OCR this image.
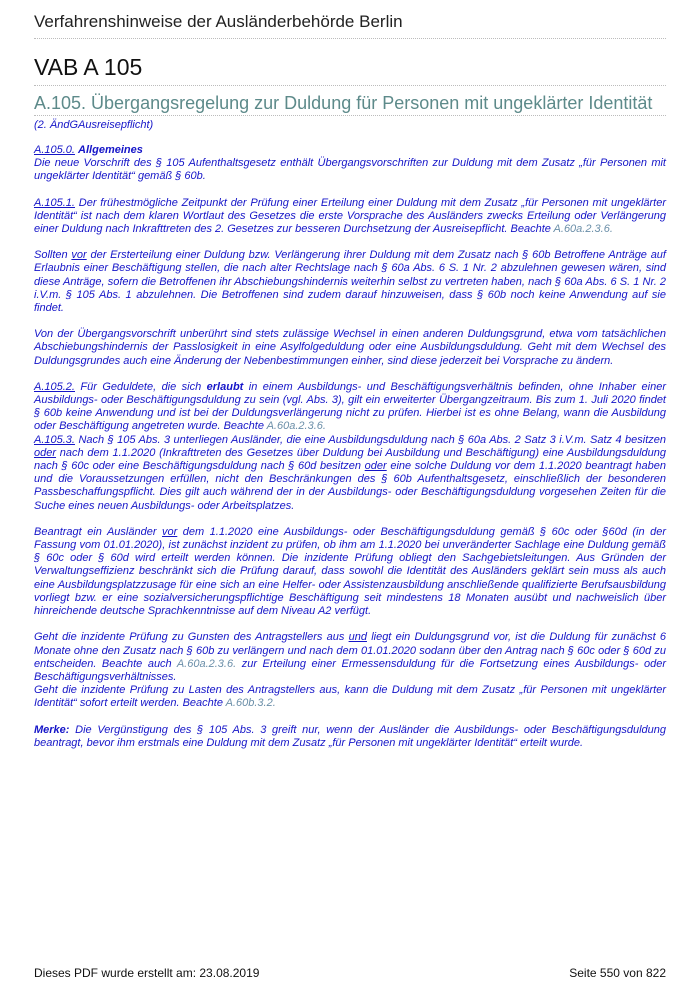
Verfahrenshinweise der Ausländerbehörde Berlin
VAB A 105
A.105. Übergangsregelung zur Duldung für Personen mit ungeklärter Identität
(2. ÄndGAusreisepflicht)

A.105.0. Allgemeines
Die neue Vorschrift des § 105 Aufenthaltsgesetz enthält Übergangsvorschriften zur Duldung mit dem Zusatz „für Personen mit ungeklärter Identität“ gemäß § 60b.

A.105.1. Der frühestmögliche Zeitpunkt der Prüfung einer Erteilung einer Duldung mit dem Zusatz „für Personen mit ungeklärter Identität“ ist nach dem klaren Wortlaut des Gesetzes die erste Vorsprache des Ausländers zwecks Erteilung oder Verlängerung einer Duldung nach Inkrafttreten des 2. Gesetzes zur besseren Durchsetzung der Ausreisepflicht. Beachte A.60a.2.3.6.

Sollten vor der Ersterteilung einer Duldung bzw. Verlängerung ihrer Duldung mit dem Zusatz nach § 60b Betroffene Anträge auf Erlaubnis einer Beschäftigung stellen, die nach alter Rechtslage nach § 60a Abs. 6 S. 1 Nr. 2 abzulehnen gewesen wären, sind diese Anträge, sofern die Betroffenen ihr Abschiebungshindernis weiterhin selbst zu vertreten haben, nach § 60a Abs. 6 S. 1 Nr. 2 i.V.m. § 105 Abs. 1 abzulehnen. Die Betroffenen sind zudem darauf hinzuweisen, dass § 60b noch keine Anwendung auf sie findet.

Von der Übergangsvorschrift unberührt sind stets zulässige Wechsel in einen anderen Duldungsgrund, etwa vom tatsächlichen Abschiebungshindernis der Passlosigkeit in eine Asylfolgeduldung oder eine Ausbildungsduldung. Geht mit dem Wechsel des Duldungsgrundes auch eine Änderung der Nebenbestimmungen einher, sind diese jederzeit bei Vorsprache zu ändern.

A.105.2. Für Geduldete, die sich erlaubt in einem Ausbildungs- und Beschäftigungsverhältnis befinden, ohne Inhaber einer Ausbildungs- oder Beschäftigungsduldung zu sein (vgl. Abs. 3), gilt ein erweiterter Übergangzeitraum. Bis zum 1. Juli 2020 findet § 60b keine Anwendung und ist bei der Duldungsverlängerung nicht zu prüfen. Hierbei ist es ohne Belang, wann die Ausbildung oder Beschäftigung angetreten wurde. Beachte A.60a.2.3.6.

A.105.3. Nach § 105 Abs. 3 unterliegen Ausländer, die eine Ausbildungsduldung nach § 60a Abs. 2 Satz 3 i.V.m. Satz 4 besitzen oder nach dem 1.1.2020 (Inkrafttreten des Gesetzes über Duldung bei Ausbildung und Beschäftigung) eine Ausbildungsduldung nach § 60c oder eine Beschäftigungsduldung nach § 60d besitzen oder eine solche Duldung vor dem 1.1.2020 beantragt haben und die Voraussetzungen erfüllen, nicht den Beschränkungen des § 60b Aufenthaltsgesetz, einschließlich der besonderen Passbeschaffungspflicht. Dies gilt auch während der in der Ausbildungs- oder Beschäftigungsduldung vorgesehen Zeiten für die Suche eines neuen Ausbildungs- oder Arbeitsplatzes.

Beantragt ein Ausländer vor dem 1.1.2020 eine Ausbildungs- oder Beschäftigungsduldung gemäß § 60c oder §60d (in der Fassung vom 01.01.2020), ist zunächst inzident zu prüfen, ob ihm am 1.1.2020 bei unveränderter Sachlage eine Duldung gemäß § 60c oder § 60d wird erteilt werden können. Die inzidente Prüfung obliegt den Sachgebietsleitungen. Aus Gründen der Verwaltungseffizienz beschränkt sich die Prüfung darauf, dass sowohl die Identität des Ausländers geklärt sein muss als auch eine Ausbildungsplatzzusage für eine sich an eine Helfer- oder Assistenzausbildung anschließende qualifizierte Berufsausbildung vorliegt bzw. er eine sozialversicherungspflichtige Beschäftigung seit mindestens 18 Monaten ausübt und nachweislich über hinreichende deutsche Sprachkenntnisse auf dem Niveau A2 verfügt.

Geht die inzidente Prüfung zu Gunsten des Antragstellers aus und liegt ein Duldungsgrund vor, ist die Duldung für zunächst 6 Monate ohne den Zusatz nach § 60b zu verlängern und nach dem 01.01.2020 sodann über den Antrag nach § 60c oder § 60d zu entscheiden. Beachte auch A.60a.2.3.6. zur Erteilung einer Ermessensduldung für die Fortsetzung eines Ausbildungs- oder Beschäftigungsverhältnisses.

Geht die inzidente Prüfung zu Lasten des Antragstellers aus, kann die Duldung mit dem Zusatz „für Personen mit ungeklärter Identität“ sofort erteilt werden. Beachte A.60b.3.2.

Merke: Die Vergünstigung des § 105 Abs. 3 greift nur, wenn der Ausländer die Ausbildungs- oder Beschäftigungsduldung beantragt, bevor ihm erstmals eine Duldung mit dem Zusatz „für Personen mit ungeklärter Identität“ erteilt wurde.

Dieses PDF wurde erstellt am: 23.08.2019	Seite 550 von 822
